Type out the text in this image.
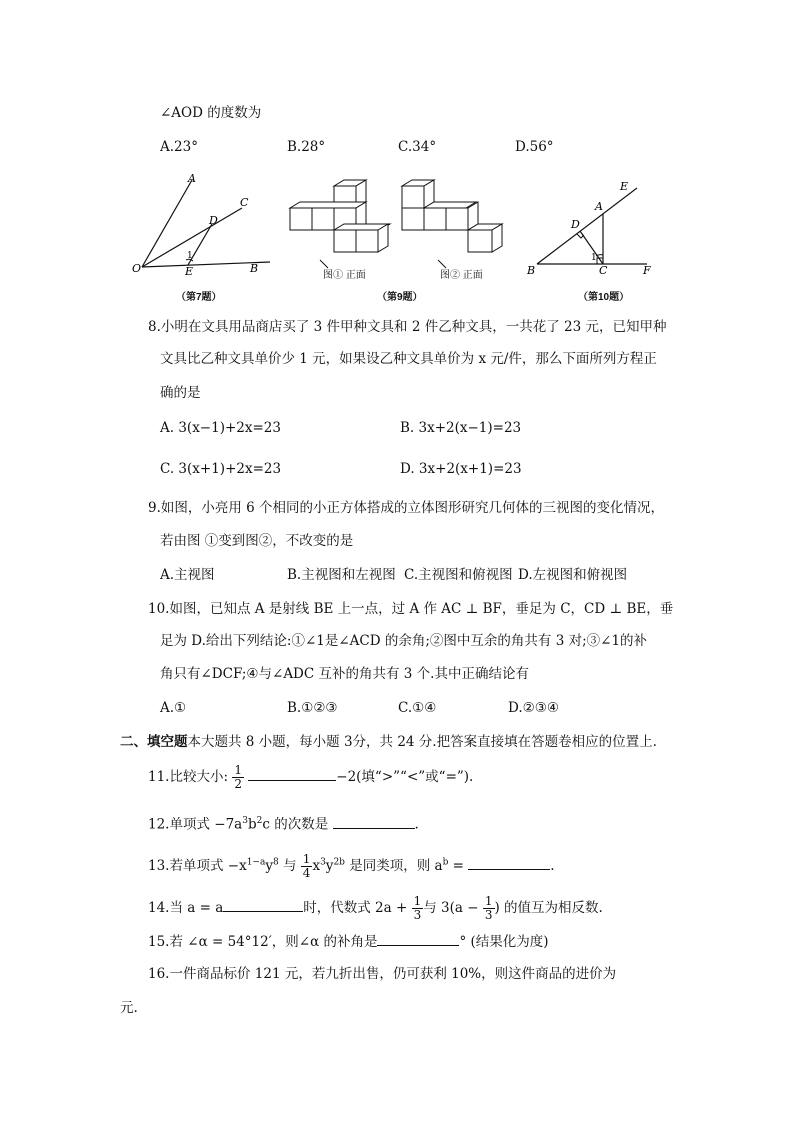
∠AOD 的度数为
A.23°	B.28°	C.34°	D.56°
A
C
D
1
O	E	B
（第7题）
图① 正面	图② 正面
（第9题）
E
A
D
1
B	C	F
（第10题）
8.小明在文具用品商店买了 3 件甲种文具和 2 件乙种文具，一共花了 23 元，已知甲种
文具比乙种文具单价少 1 元，如果设乙种文具单价为 x 元/件，那么下面所列方程正
确的是
A. 3(x−1)+2x=23	B. 3x+2(x−1)=23
C. 3(x+1)+2x=23	D. 3x+2(x+1)=23
9.如图，小亮用 6 个相同的小正方体搭成的立体图形研究几何体的三视图的变化情况，
若由图 ①变到图②，不改变的是
A.主视图	B.主视图和左视图 C.主视图和俯视图 D.左视图和俯视图
10.如图，已知点 A 是射线 BE 上一点，过 A 作 AC ⊥ BF，垂足为 C，CD ⊥ BE，垂
足为 D.给出下列结论:①∠1是∠ACD 的余角;②图中互余的角共有 3 对;③∠1的补
角只有∠DCF;④与∠ADC 互补的角共有 3 个.其中正确结论有
A.①	B.①②③	C.①④	D.②③④
二、填空题本大题共 8 小题，每小题 3分，共 24 分.把答案直接填在答题卷相应的位置上.
11.比较大小: $\frac{1}{2}$	−2(填“>”“<”或“=”).
12.单项式 $-7a^3b^2c$ 的次数是	.
13.若单项式 $-x^{1-a}y^8$ 与 $\frac{1}{4} x^3y^{2b}$ 是同类项，则 $a^b$ =	.
14.当 a = a	时，代数式 $2a + \frac{1}{3}$ 与 $3(a - \frac{1}{3}$ ) 的值互为相反数.
15.若 ∠α = 54°12′，则∠α 的补角是	° (结果化为度)
16.一件商品标价 121 元，若九折出售，仍可获利 10%，则这件商品的进价为
元.
